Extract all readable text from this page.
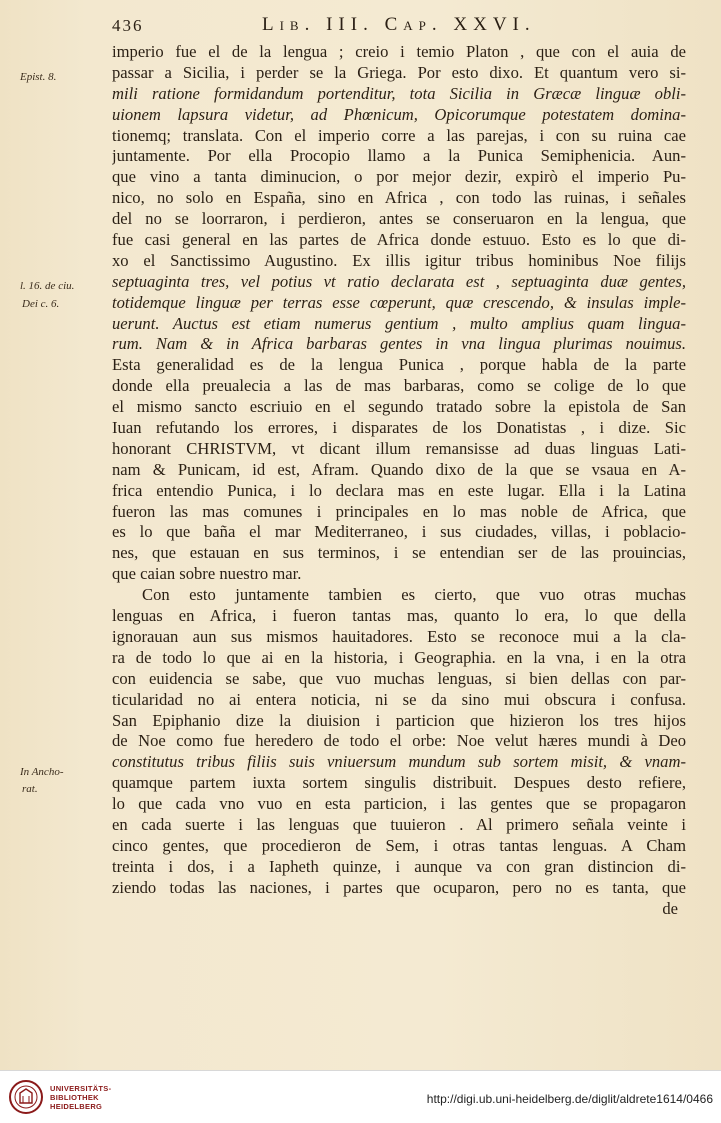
436	Lib. III. Cap. XXVI.
Epist. 8.
l. 16. de ciu.
Dei c. 6.
In Ancho-
rat.
imperio fue el de la lengua ; creio i temio Platon , que con el auia de
passar a Sicilia, i perder se la Griega. Por esto dixo. Et quantum vero si-
mili ratione formidandum portenditur, tota Sicilia in Græcæ linguæ obli-
uionem lapsura videtur, ad Phœnicum, Opicorumque potestatem domina-
tionemq; translata. Con el imperio corre a las parejas, i con su ruina cae
juntamente. Por ella Procopio llamo a la Punica Semiphenicia. Aun-
que vino a tanta diminucion, o por mejor dezir, expirò el imperio Pu-
nico, no solo en España, sino en Africa , con todo las ruinas, i señales
del no se loorraron, i perdieron, antes se conseruaron en la lengua, que
fue casi general en las partes de Africa donde estuuo. Esto es lo que di-
xo el Sanctissimo Augustino. Ex illis igitur tribus hominibus Noe filijs
septuaginta tres, vel potius vt ratio declarata est , septuaginta duæ gentes,
totidemque linguæ per terras esse cœperunt, quæ crescendo, & insulas imple-
uerunt. Auctus est etiam numerus gentium , multo amplius quam lingua-
rum. Nam & in Africa barbaras gentes in vna lingua plurimas nouimus.
Esta generalidad es de la lengua Punica , porque habla de la parte
donde ella preualecia a las de mas barbaras, como se colige de lo que
el mismo sancto escriuio en el segundo tratado sobre la epistola de San
Iuan refutando los errores, i disparates de los Donatistas , i dize. Sic
honorant CHRISTVM, vt dicant illum remansisse ad duas linguas Lati-
nam & Punicam, id est, Afram. Quando dixo de la que se vsaua en A-
frica entendio Punica, i lo declara mas en este lugar. Ella i la Latina
fueron las mas comunes i principales en lo mas noble de Africa, que
es lo que baña el mar Mediterraneo, i sus ciudades, villas, i poblacio-
nes, que estauan en sus terminos, i se entendian ser de las prouincias,
que caian sobre nuestro mar.
Con esto juntamente tambien es cierto, que vuo otras muchas
lenguas en Africa, i fueron tantas mas, quanto lo era, lo que della
ignorauan aun sus mismos hauitadores. Esto se reconoce mui a la cla-
ra de todo lo que ai en la historia, i Geographia. en la vna, i en la otra
con euidencia se sabe, que vuo muchas lenguas, si bien dellas con par-
ticularidad no ai entera noticia, ni se da sino mui obscura i confusa.
San Epiphanio dize la diuision i particion que hizieron los tres hijos
de Noe como fue heredero de todo el orbe: Noe velut hæres mundi à Deo
constitutus tribus filiis suis vniuersum mundum sub sortem misit, & vnam-
quamque partem iuxta sortem singulis distribuit. Despues desto refiere,
lo que cada vno vuo en esta particion, i las gentes que se propagaron
en cada suerte i las lenguas que tuuieron . Al primero señala veinte i
cinco gentes, que procedieron de Sem, i otras tantas lenguas. A Cham
treinta i dos, i a Iapheth quinze, i aunque va con gran distincion di-
ziendo todas las naciones, i partes que ocuparon, pero no es tanta, que
de
UNIVERSITÄTS-
BIBLIOTHEK
HEIDELBERG
http://digi.ub.uni-heidelberg.de/diglit/aldrete1614/0466
